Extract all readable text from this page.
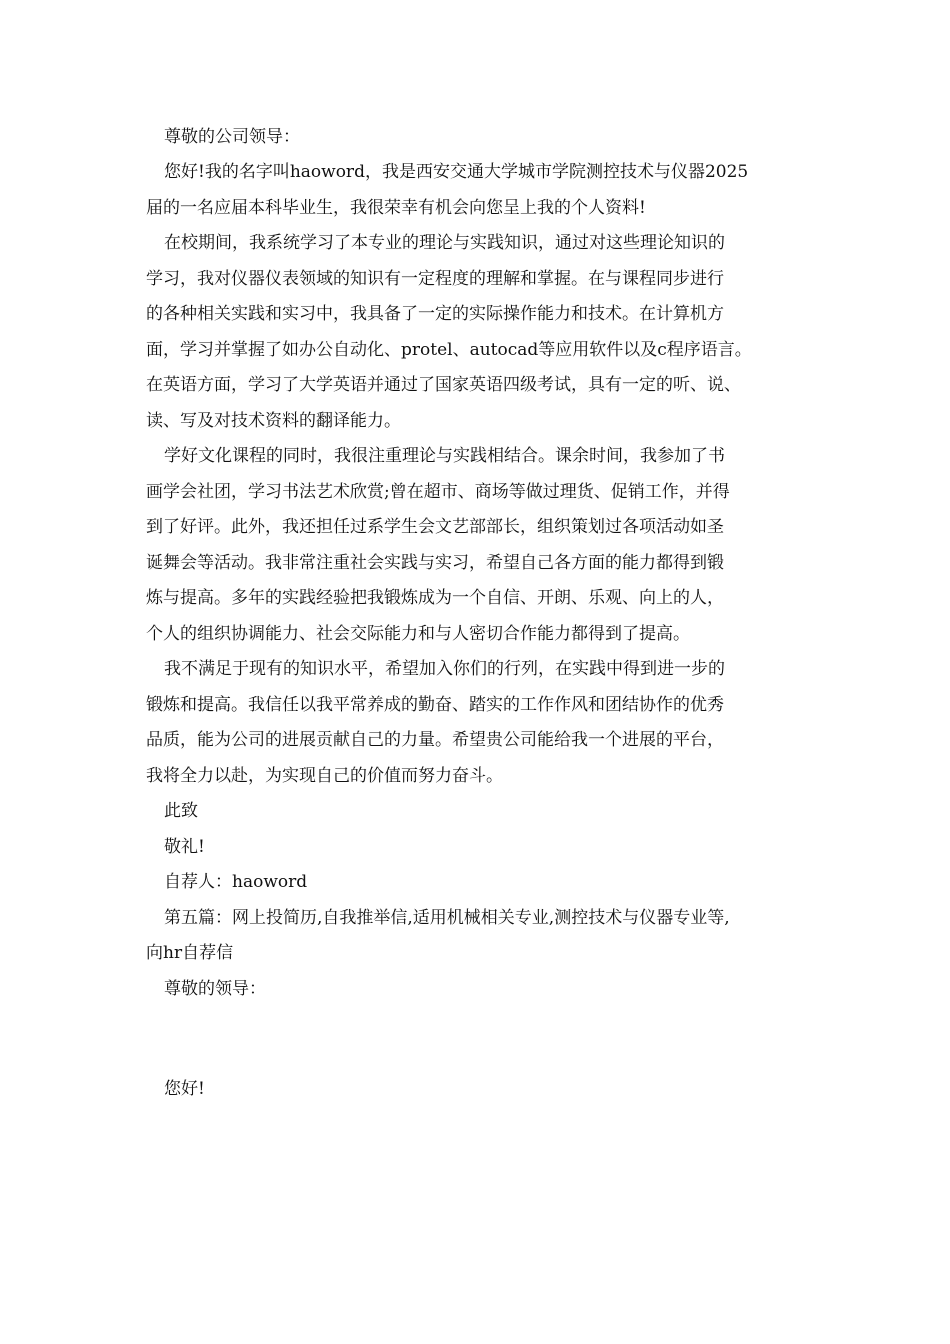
尊敬的公司领导：
您好!我的名字叫haoword，我是西安交通大学城市学院测控技术与仪器2025
届的一名应届本科毕业生，我很荣幸有机会向您呈上我的个人资料!
在校期间，我系统学习了本专业的理论与实践知识，通过对这些理论知识的
学习，我对仪器仪表领域的知识有一定程度的理解和掌握。在与课程同步进行
的各种相关实践和实习中，我具备了一定的实际操作能力和技术。在计算机方
面，学习并掌握了如办公自动化、protel、autocad等应用软件以及c程序语言。
在英语方面，学习了大学英语并通过了国家英语四级考试，具有一定的听、说、
读、写及对技术资料的翻译能力。
学好文化课程的同时，我很注重理论与实践相结合。课余时间，我参加了书
画学会社团，学习书法艺术欣赏;曾在超市、商场等做过理货、促销工作，并得
到了好评。此外，我还担任过系学生会文艺部部长，组织策划过各项活动如圣
诞舞会等活动。我非常注重社会实践与实习，希望自己各方面的能力都得到锻
炼与提高。多年的实践经验把我锻炼成为一个自信、开朗、乐观、向上的人，
个人的组织协调能力、社会交际能力和与人密切合作能力都得到了提高。
我不满足于现有的知识水平，希望加入你们的行列，在实践中得到进一步的
锻炼和提高。我信任以我平常养成的勤奋、踏实的工作作风和团结协作的优秀
品质，能为公司的进展贡献自己的力量。希望贵公司能给我一个进展的平台，
我将全力以赴，为实现自己的价值而努力奋斗。
此致
敬礼!
自荐人：haoword
第五篇：网上投简历,自我推举信,适用机械相关专业,测控技术与仪器专业等,
向hr自荐信
尊敬的领导：
您好!
